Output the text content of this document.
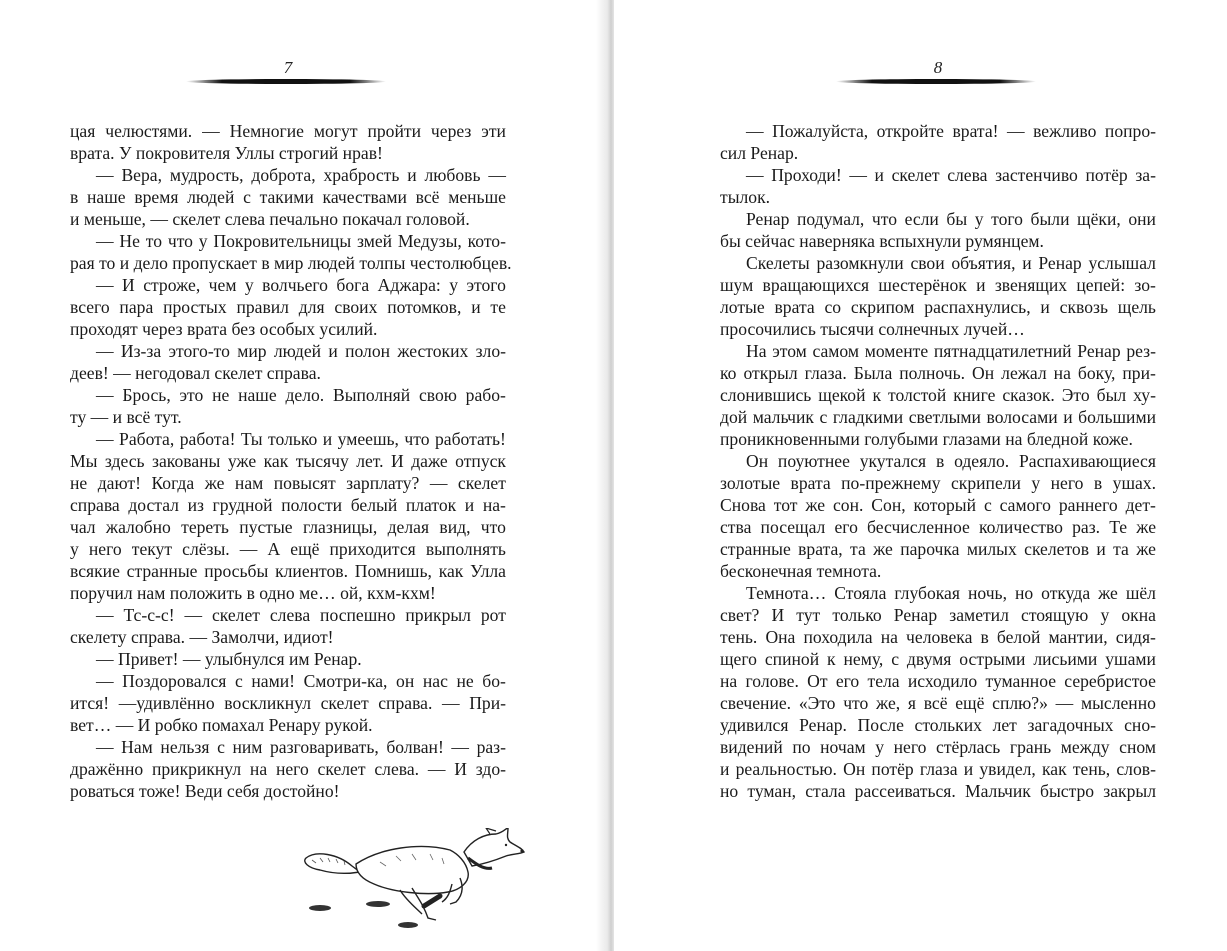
7
цая челюстями. — Немногие могут пройти через эти
врата. У покровителя Уллы строгий нрав!
— Вера, мудрость, доброта, храбрость и любовь —
в наше время людей с такими качествами всё меньше
и меньше, — скелет слева печально покачал головой.
— Не то что у Покровительницы змей Медузы, кото-
рая то и дело пропускает в мир людей толпы честолюбцев.
— И строже, чем у волчьего бога Аджара: у этого
всего пара простых правил для своих потомков, и те
проходят через врата без особых усилий.
— Из-за этого-то мир людей и полон жестоких зло-
деев! — негодовал скелет справа.
— Брось, это не наше дело. Выполняй свою рабо-
ту — и всё тут.
— Работа, работа! Ты только и умеешь, что работать!
Мы здесь закованы уже как тысячу лет. И даже отпуск
не дают! Когда же нам повысят зарплату? — скелет
справа достал из грудной полости белый платок и на-
чал жалобно тереть пустые глазницы, делая вид, что
у него текут слёзы. — А ещё приходится выполнять
всякие странные просьбы клиентов. Помнишь, как Улла
поручил нам положить в одно ме… ой, кхм-кхм!
— Тс-с-с! — скелет слева поспешно прикрыл рот
скелету справа. — Замолчи, идиот!
— Привет! — улыбнулся им Ренар.
— Поздоровался с нами! Смотри-ка, он нас не бо-
ится! —удивлённо воскликнул скелет справа. — При-
вет… — И робко помахал Ренару рукой.
— Нам нельзя с ним разговаривать, болван! — раз-
дражённо прикрикнул на него скелет слева. — И здо-
роваться тоже! Веди себя достойно!
8
— Пожалуйста, откройте врата! — вежливо попро-
сил Ренар.
— Проходи! — и скелет слева застенчиво потёр за-
тылок.
Ренар подумал, что если бы у того были щёки, они
бы сейчас наверняка вспыхнули румянцем.
Скелеты разомкнули свои объятия, и Ренар услышал
шум вращающихся шестерёнок и звенящих цепей: зо-
лотые врата со скрипом распахнулись, и сквозь щель
просочились тысячи солнечных лучей…
На этом самом моменте пятнадцатилетний Ренар рез-
ко открыл глаза. Была полночь. Он лежал на боку, при-
слонившись щекой к толстой книге сказок. Это был ху-
дой мальчик с гладкими светлыми волосами и большими
проникновенными голубыми глазами на бледной коже.
Он поуютнее укутался в одеяло. Распахивающиеся
золотые врата по-прежнему скрипели у него в ушах.
Снова тот же сон. Сон, который с самого раннего дет-
ства посещал его бесчисленное количество раз. Те же
странные врата, та же парочка милых скелетов и та же
бесконечная темнота.
Темнота… Стояла глубокая ночь, но откуда же шёл
свет? И тут только Ренар заметил стоящую у окна
тень. Она походила на человека в белой мантии, сидя-
щего спиной к нему, с двумя острыми лисьими ушами
на голове. От его тела исходило туманное серебристое
свечение. «Это что же, я всё ещё сплю?» — мысленно
удивился Ренар. После стольких лет загадочных сно-
видений по ночам у него стёрлась грань между сном
и реальностью. Он потёр глаза и увидел, как тень, слов-
но туман, стала рассеиваться. Мальчик быстро закрыл
